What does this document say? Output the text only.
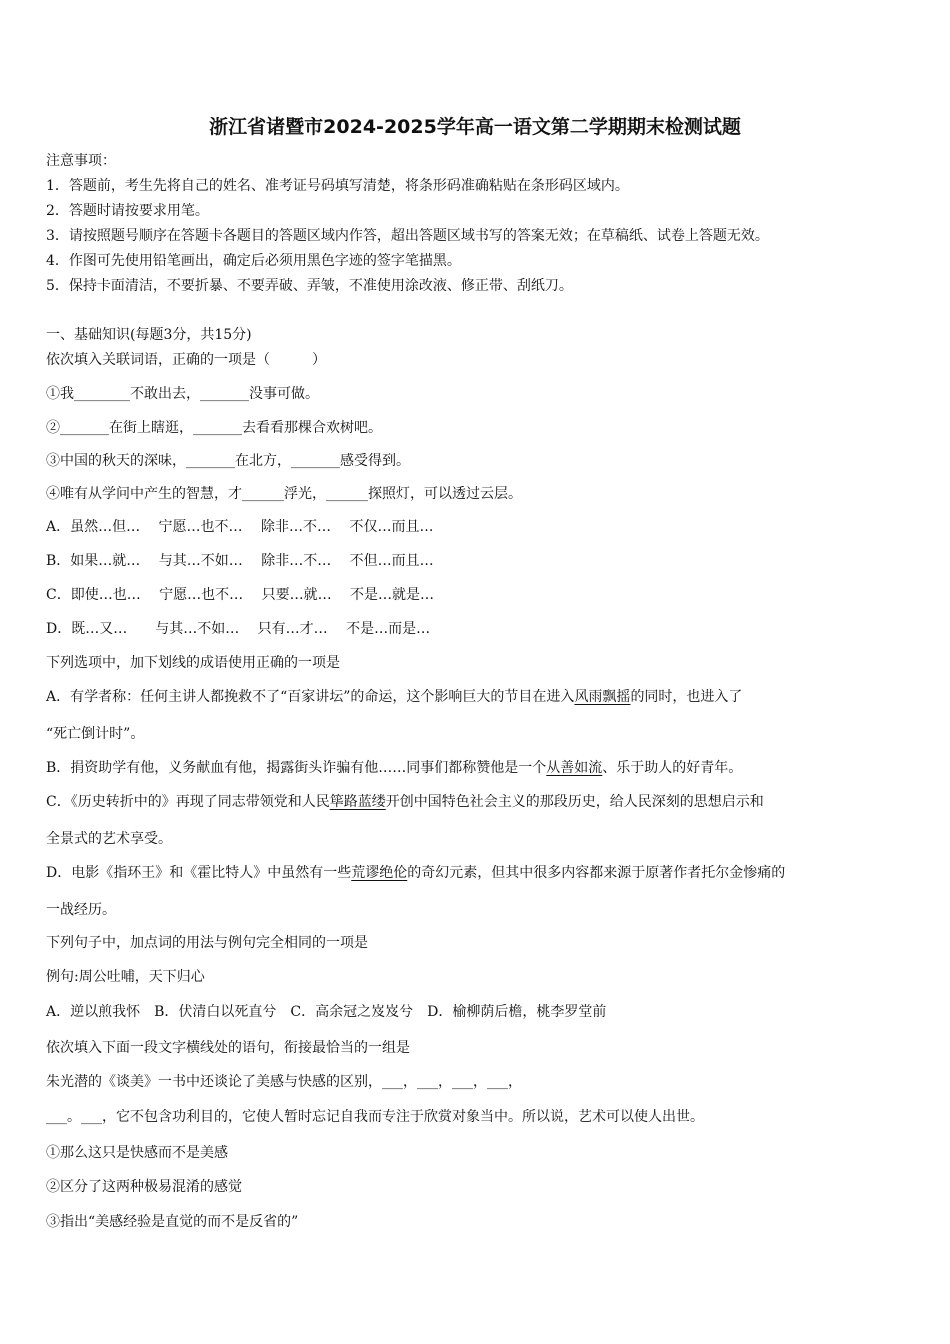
浙江省诸暨市2024-2025学年高一语文第二学期期末检测试题
注意事项：
1．答题前，考生先将自己的姓名、准考证号码填写清楚，将条形码准确粘贴在条形码区域内。
2．答题时请按要求用笔。
3．请按照题号顺序在答题卡各题目的答题区域内作答，超出答题区域书写的答案无效；在草稿纸、试卷上答题无效。
4．作图可先使用铅笔画出，确定后必须用黑色字迹的签字笔描黑。
5．保持卡面清洁，不要折暴、不要弄破、弄皱，不准使用涂改液、修正带、刮纸刀。
一、基础知识(每题3分，共15分)
依次填入关联词语，正确的一项是（　　　）
①我________不敢出去，_______没事可做。
②_______在街上瞎逛，_______去看看那棵合欢树吧。
③中国的秋天的深味，_______在北方，_______感受得到。
④唯有从学问中产生的智慧，才______浮光，______探照灯，可以透过云层。
A．虽然…但…　 宁愿…也不…　 除非…不…　 不仅…而且…
B．如果…就…　 与其…不如…　 除非…不…　 不但…而且…
C．即使…也…　 宁愿…也不…　 只要…就…　 不是…就是…
D．既…又…　　与其…不如…　 只有…才…　 不是…而是…
下列选项中，加下划线的成语使用正确的一项是
A．有学者称：任何主讲人都挽救不了“百家讲坛”的命运，这个影响巨大的节目在进入风雨飘摇的同时，也进入了
“死亡倒计时”。
B．捐资助学有他，义务献血有他，揭露街头诈骗有他……同事们都称赞他是一个从善如流、乐于助人的好青年。
C．《历史转折中的》再现了同志带领党和人民筚路蓝缕开创中国特色社会主义的那段历史，给人民深刻的思想启示和
全景式的艺术享受。
D．电影《指环王》和《霍比特人》中虽然有一些荒谬绝伦的奇幻元素，但其中很多内容都来源于原著作者托尔金惨痛的
一战经历。
下列句子中，加点词的用法与例句完全相同的一项是
例句:周公吐哺，天下归心
A．逆以煎我怀　B．伏清白以死直兮　C．高余冠之岌岌兮　D．榆柳荫后檐，桃李罗堂前
依次填入下面一段文字横线处的语句，衔接最恰当的一组是
朱光潜的《谈美》一书中还谈论了美感与快感的区别，___，___，___，___，
___。___，它不包含功利目的，它使人暂时忘记自我而专注于欣赏对象当中。所以说，艺术可以使人出世。
①那么这只是快感而不是美感
②区分了这两种极易混淆的感觉
③指出“美感经验是直觉的而不是反省的”
